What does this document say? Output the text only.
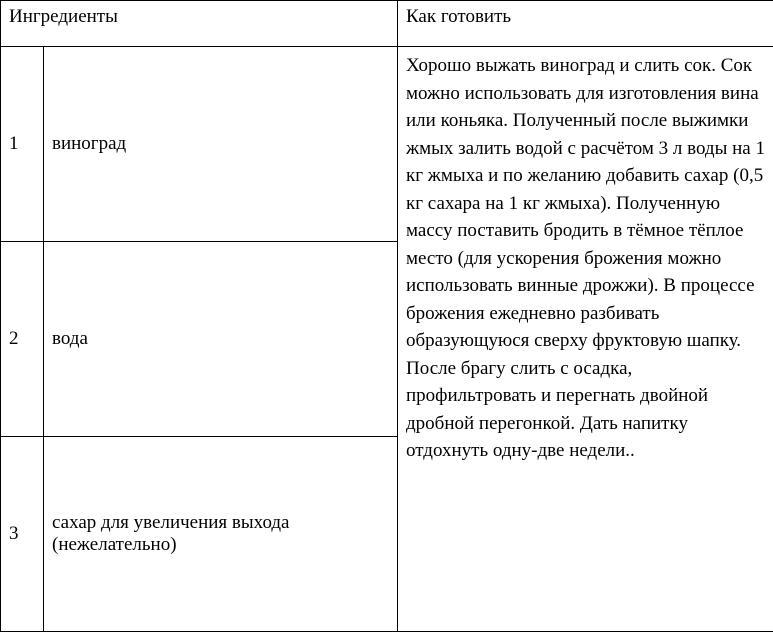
Ингредиенты		Как готовить
1	виноград	Хорошо выжать виноград и слить сок. Сок можно использовать для изготовления вина или коньяка. Полученный после выжимки жмых залить водой с расчётом 3 л воды на 1 кг жмыха и по желанию добавить сахар (0,5 кг сахара на 1 кг жмыха). Полученную массу поставить бродить в тёмное тёплое место (для ускорения брожения можно использовать винные дрожжи). В процессе брожения ежедневно разбивать образующуюся сверху фруктовую шапку. После брагу слить с осадка, профильтровать и перегнать двойной дробной перегонкой. Дать напитку отдохнуть одну-две недели..
2	вода	
3	сахар для увеличения выхода (нежелательно)	
